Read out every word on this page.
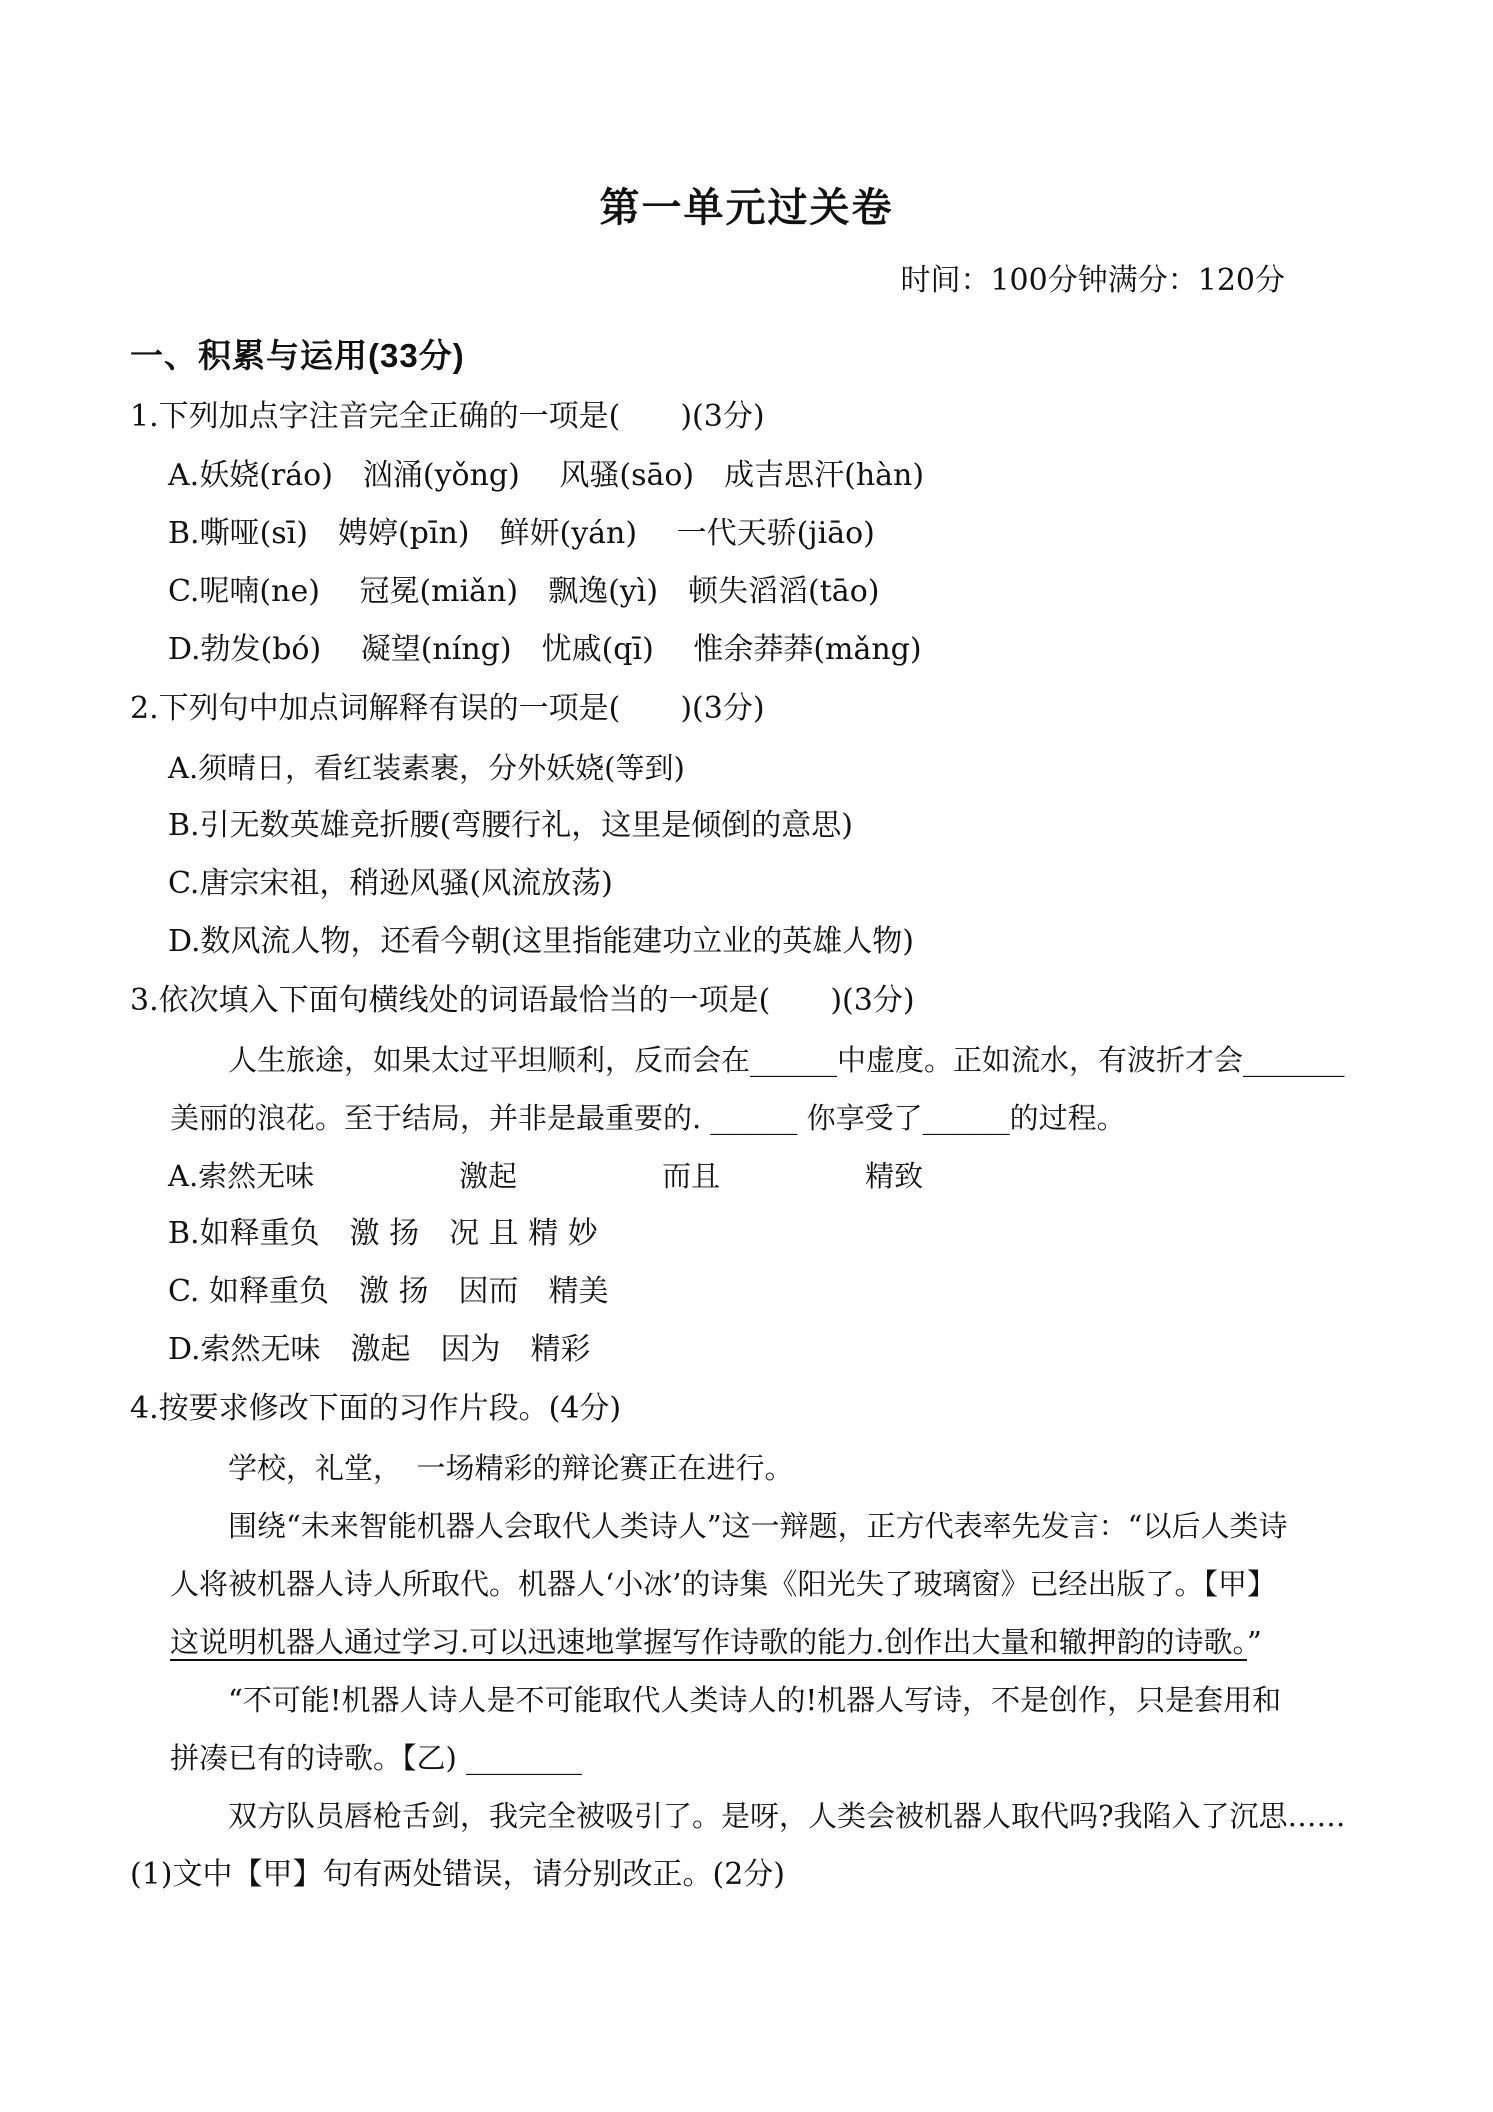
第一单元过关卷
时间：100分钟满分：120分
一、积累与运用(33分)
1.下列加点字注音完全正确的一项是(　　)(3分)
A.妖娆(ráo)　汹涌(yǒng)　 风骚(sāo)　成吉思汗(hàn)
B.嘶哑(sī)　娉婷(pīn)　鲜妍(yán)　 一代天骄(jiāo)
C.呢喃(ne)　 冠冕(miǎn)　飘逸(yì)　顿失滔滔(tāo)
D.勃发(bó)　 凝望(níng)　忧戚(qī)　 惟余莽莽(mǎng)
2.下列句中加点词解释有误的一项是(　　)(3分)
A.须晴日，看红装素裹，分外妖娆(等到)
B.引无数英雄竞折腰(弯腰行礼，这里是倾倒的意思)
C.唐宗宋祖，稍逊风骚(风流放荡)
D.数风流人物，还看今朝(这里指能建功立业的英雄人物)
3.依次填入下面句横线处的词语最恰当的一项是(　　)(3分)
人生旅途，如果太过平坦顺利，反而会在______中虚度。正如流水，有波折才会_______
美丽的浪花。至于结局，并非是最重要的. ______ 你享受了______的过程。
A.索然无味　　　　　激起　　　　　而且　　　　　精致
B.如释重负　激 扬　况 且 精 妙
C. 如释重负　激 扬　因而　精美
D.索然无味　激起　因为　精彩
4.按要求修改下面的习作片段。(4分)
学校，礼堂，　一场精彩的辩论赛正在进行。
围绕“未来智能机器人会取代人类诗人”这一辩题，正方代表率先发言：“以后人类诗
人将被机器人诗人所取代。机器人‘小冰’的诗集《阳光失了玻璃窗》已经出版了。【甲】
这说明机器人通过学习.可以迅速地掌握写作诗歌的能力.创作出大量和辙押韵的诗歌。”
“不可能!机器人诗人是不可能取代人类诗人的!机器人写诗，不是创作，只是套用和
拼凑已有的诗歌。【乙) ________
双方队员唇枪舌剑，我完全被吸引了。是呀，人类会被机器人取代吗?我陷入了沉思……
(1)文中【甲】句有两处错误，请分别改正。(2分)
